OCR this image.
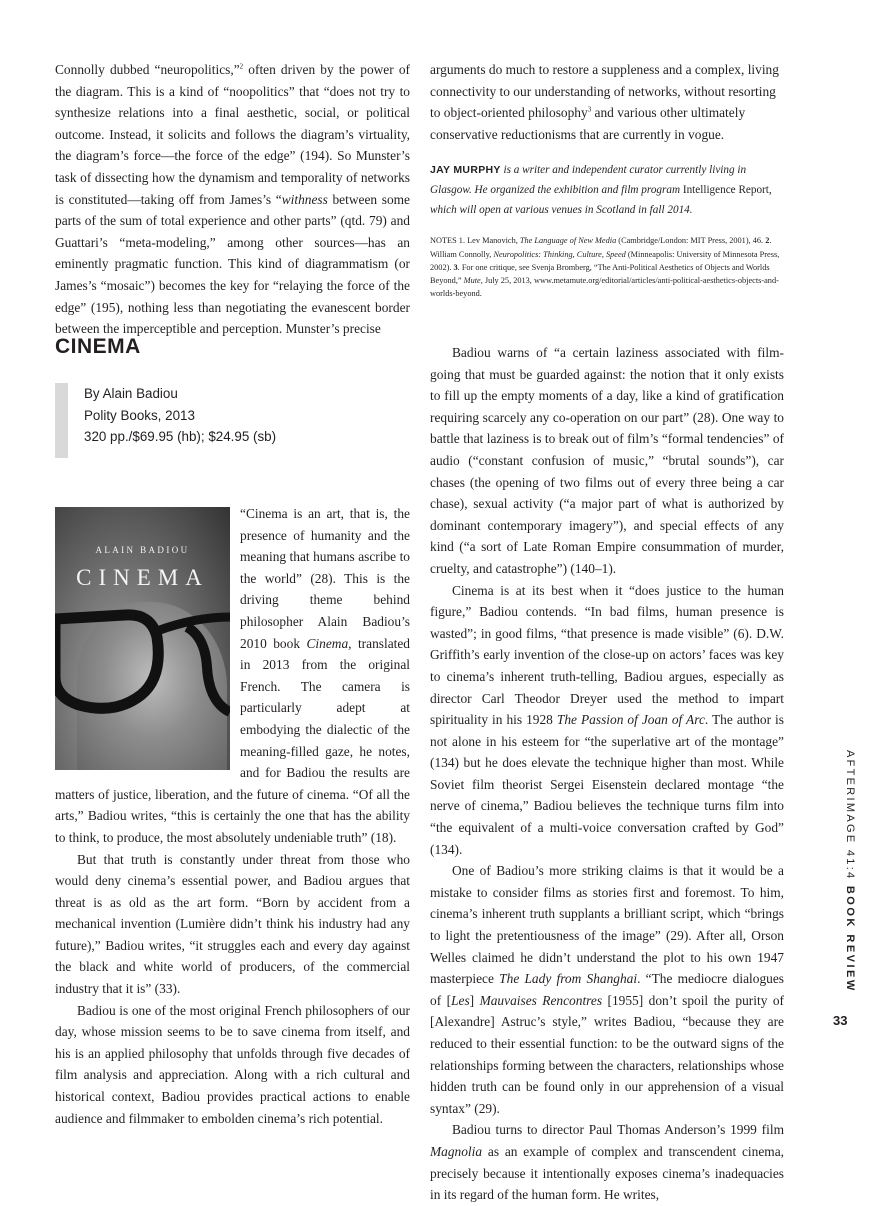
Connolly dubbed “neuropolitics,”$^2$ often driven by the power of the diagram. This is a kind of “noopolitics” that “does not try to synthesize relations into a final aesthetic, social, or political outcome. Instead, it solicits and follows the diagram’s virtuality, the diagram’s force—the force of the edge” (194). So Munster’s task of dissecting how the dynamism and temporality of networks is constituted—taking off from James’s “withness between some parts of the sum of total experience and other parts” (qtd. 79) and Guattari’s “meta-modeling,” among other sources—has an eminently pragmatic function. This kind of diagrammatism (or James’s “mosaic”) becomes the key for “relaying the force of the edge” (195), nothing less than negotiating the evanescent border between the imperceptible and perception. Munster’s precise

arguments do much to restore a suppleness and a complex, living connectivity to our understanding of networks, without resorting to object-oriented philosophy$^3$ and various other ultimately conservative reductionisms that are currently in vogue.

JAY MURPHY is a writer and independent curator currently living in Glasgow. He organized the exhibition and film program Intelligence Report, which will open at various venues in Scotland in fall 2014.

NOTES 1. Lev Manovich, The Language of New Media (Cambridge/London: MIT Press, 2001), 46. 2. William Connolly, Neuropolitics: Thinking, Culture, Speed (Minneapolis: University of Minnesota Press, 2002). 3. For one critique, see Svenja Bromberg, “The Anti-Political Aesthetics of Objects and Worlds Beyond,” Mute, July 25, 2013, www.metamute.org/editorial/articles/anti-political-aesthetics-objects-and-worlds-beyond.

CINEMA
By Alain Badiou
Polity Books, 2013
320 pp./$69.95 (hb); $24.95 (sb)
ALAIN BADIOU
CINEMA

“Cinema is an art, that is, the presence of humanity and the meaning that humans ascribe to the world” (28). This is the driving theme behind philosopher Alain Badiou’s 2010 book Cinema, translated in 2013 from the original French. The camera is particularly adept at embodying the dialectic of the meaning-filled gaze, he notes, and for Badiou the results are matters of justice, liberation, and the future of cinema. “Of all the arts,” Badiou writes, “this is certainly the one that has the ability to think, to produce, the most absolutely undeniable truth” (18).

But that truth is constantly under threat from those who would deny cinema’s essential power, and Badiou argues that threat is as old as the art form. “Born by accident from a mechanical invention (Lumière didn’t think his industry had any future),” Badiou writes, “it struggles each and every day against the black and white world of producers, of the commercial industry that it is” (33).

Badiou is one of the most original French philosophers of our day, whose mission seems to be to save cinema from itself, and his is an applied philosophy that unfolds through five decades of film analysis and appreciation. Along with a rich cultural and historical context, Badiou provides practical actions to enable audience and filmmaker to embolden cinema’s rich potential.

Badiou warns of “a certain laziness associated with film-going that must be guarded against: the notion that it only exists to fill up the empty moments of a day, like a kind of gratification requiring scarcely any co-operation on our part” (28). One way to battle that laziness is to break out of film’s “formal tendencies” of audio (“constant confusion of music,” “brutal sounds”), car chases (the opening of two films out of every three being a car chase), sexual activity (“a major part of what is authorized by dominant contemporary imagery”), and special effects of any kind (“a sort of Late Roman Empire consummation of murder, cruelty, and catastrophe”) (140–1).

Cinema is at its best when it “does justice to the human figure,” Badiou contends. “In bad films, human presence is wasted”; in good films, “that presence is made visible” (6). D.W. Griffith’s early invention of the close-up on actors’ faces was key to cinema’s inherent truth-telling, Badiou argues, especially as director Carl Theodor Dreyer used the method to impart spirituality in his 1928 The Passion of Joan of Arc. The author is not alone in his esteem for “the superlative art of the montage” (134) but he does elevate the technique higher than most. While Soviet film theorist Sergei Eisenstein declared montage “the nerve of cinema,” Badiou believes the technique turns film into “the equivalent of a multi-voice conversation crafted by God” (134).

One of Badiou’s more striking claims is that it would be a mistake to consider films as stories first and foremost. To him, cinema’s inherent truth supplants a brilliant script, which “brings to light the pretentiousness of the image” (29). After all, Orson Welles claimed he didn’t understand the plot to his own 1947 masterpiece The Lady from Shanghai. “The mediocre dialogues of [Les] Mauvaises Rencontres [1955] don’t spoil the purity of [Alexandre] Astruc’s style,” writes Badiou, “because they are reduced to their essential function: to be the outward signs of the relationships forming between the characters, relationships whose hidden truth can be found only in our apprehension of a visual syntax” (29).

Badiou turns to director Paul Thomas Anderson’s 1999 film Magnolia as an example of complex and transcendent cinema, precisely because it intentionally exposes cinema’s inadequacies in its regard of the human form. He writes,

AFTERIMAGE 41:4 BOOK REVIEW
33
